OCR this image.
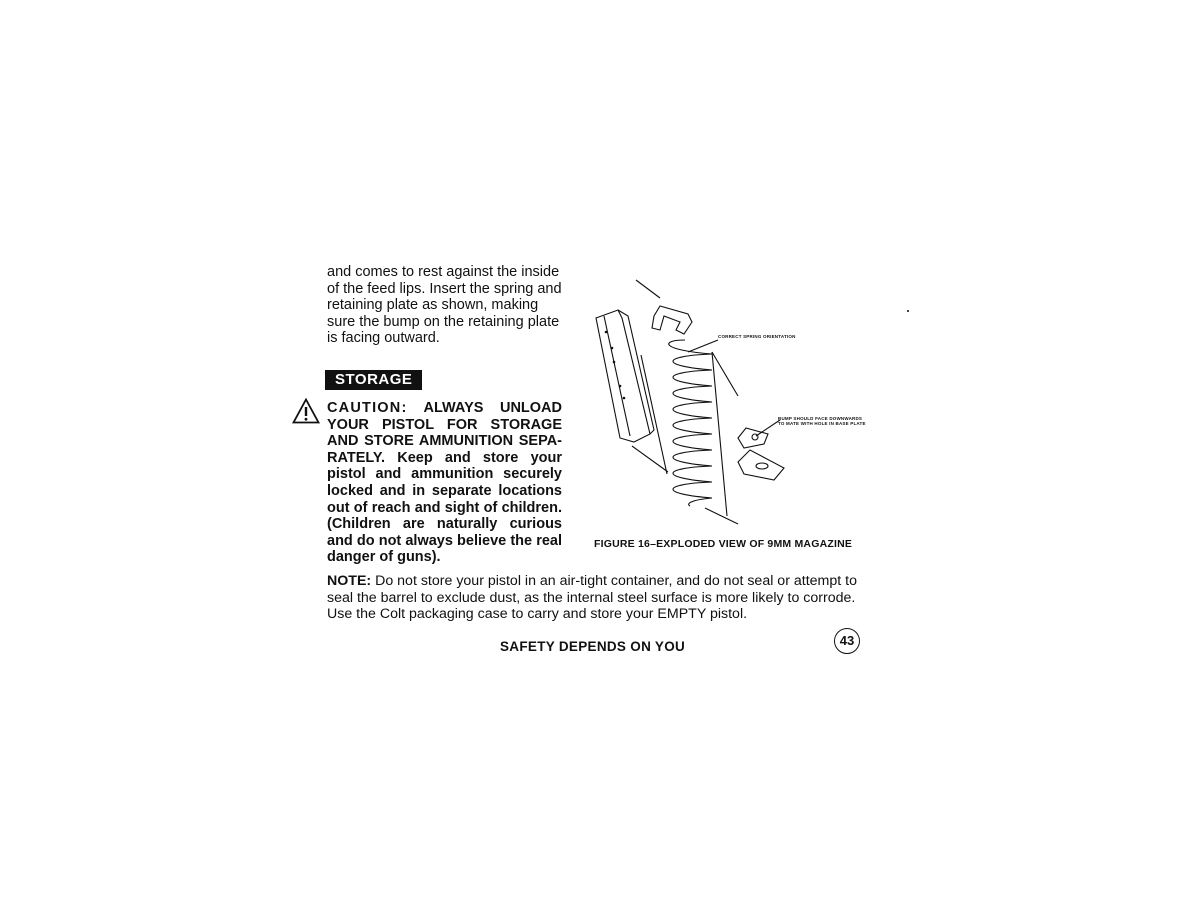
and comes to rest against the inside of the feed lips. Insert the spring and retaining plate as shown, making sure the bump on the retaining plate is facing outward.
STORAGE
CAUTION: ALWAYS UNLOAD YOUR PISTOL FOR STORAGE AND STORE AMMUNITION SEPA-RATELY. Keep and store your pistol and ammunition securely locked and in separate locations out of reach and sight of children. (Children are naturally curious and do not always believe the real danger of guns).
CORRECT SPRING ORIENTATION
BUMP SHOULD FACE DOWNWARDS TO MATE WITH HOLE IN BASE PLATE
FIGURE 16–EXPLODED VIEW OF 9MM MAGAZINE
NOTE: Do not store your pistol in an air-tight container, and do not seal or attempt to seal the barrel to exclude dust, as the internal steel surface is more likely to corrode. Use the Colt packaging case to carry and store your EMPTY pistol.
SAFETY DEPENDS ON YOU	43
